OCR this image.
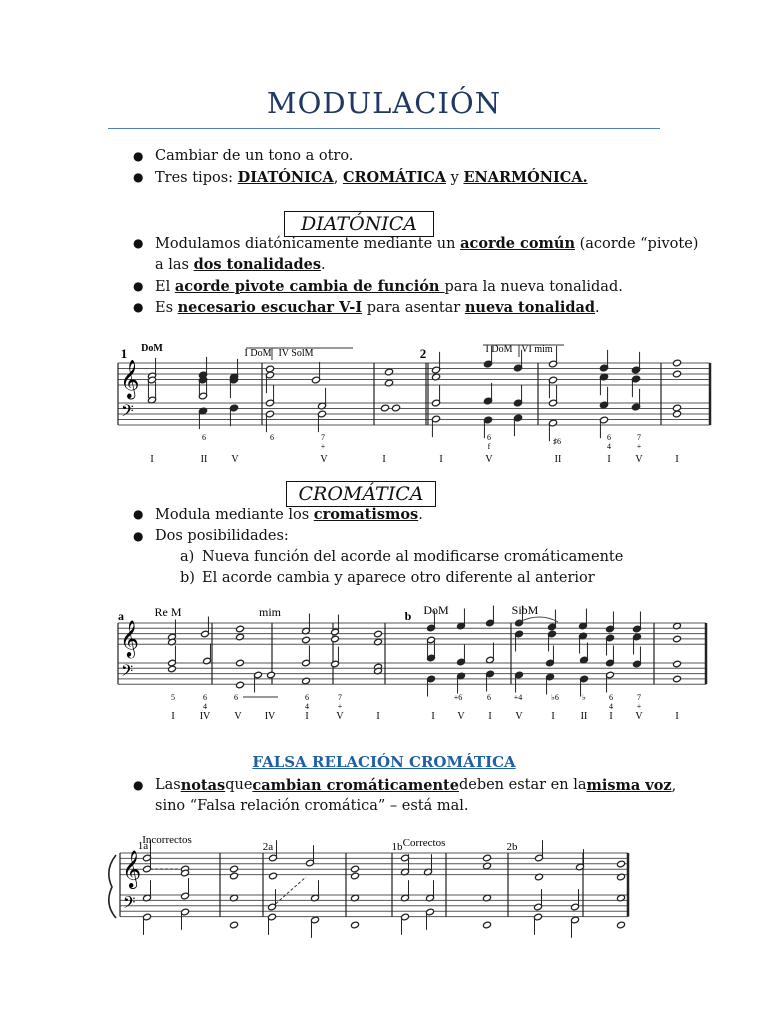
MODULACIÓN
● Cambiar de un tono a otro.
● Tres tipos: DIATÓNICA, CROMÁTICA y ENARMÓNICA.
DIATÓNICA
● Modulamos diatónicamente mediante un acorde común (acorde “pivote)
a las dos tonalidades.
● El acorde pivote cambia de función para la nueva tonalidad.
● Es necesario escuchar V-I para asentar nueva tonalidad.
𝄞
𝄢
1 DoM	I DoM IV SolM	2	I DoM VI mim
6	6	7
+
6
f
♯6	6
4
7
+
I	II V	V	I	I	V	II	I V	I
𝄞
𝄢
a	Re M	mim	b DoM	SibM
5	6
4
6	6
4
7
+
+6	6	+4	♭6	♭	6
4
7
+
I	IV V IV	I	V	I	I V I V	I	II I V	I
𝄞
𝄢
1a
Incorrectos
2a	1b Correctos	2b
CROMÁTICA
● Modula mediante los cromatismos.
● Dos posibilidades:
a) Nueva función del acorde al modificarse cromáticamente
b) El acorde cambia y aparece otro diferente al anterior
FALSA RELACIÓN CROMÁTICA
● Las notas que cambian cromáticamente deben estar en la misma voz,
sino “Falsa relación cromática” – está mal.
